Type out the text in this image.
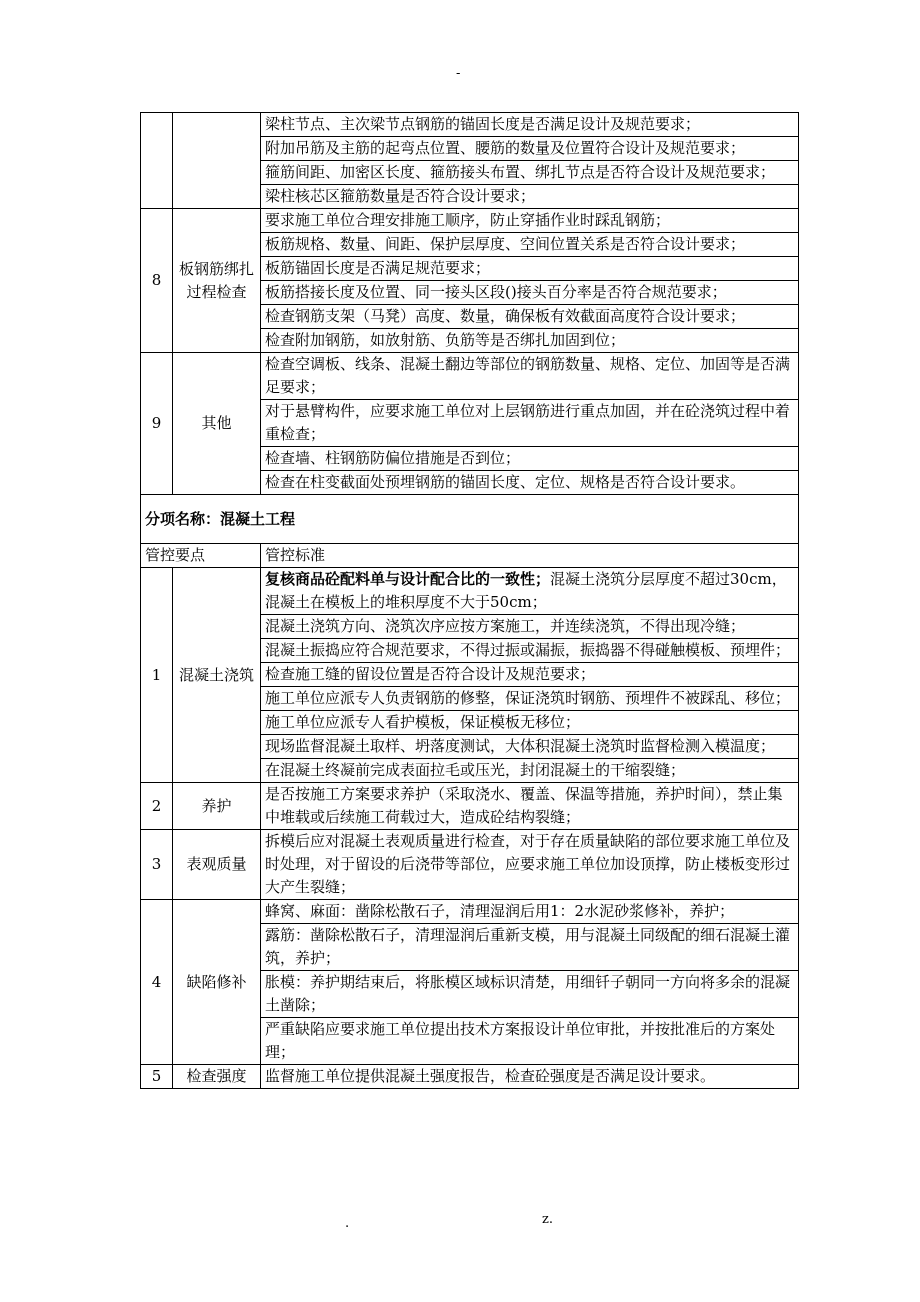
-
		梁柱节点、主次梁节点钢筋的锚固长度是否满足设计及规范要求；
		附加吊筋及主筋的起弯点位置、腰筋的数量及位置符合设计及规范要求；
		箍筋间距、加密区长度、箍筋接头布置、绑扎节点是否符合设计及规范要求；
		梁柱核芯区箍筋数量是否符合设计要求；
8	板钢筋绑扎过程检查	要求施工单位合理安排施工顺序，防止穿插作业时踩乱钢筋；
		板筋规格、数量、间距、保护层厚度、空间位置关系是否符合设计要求；
		板筋锚固长度是否满足规范要求；
		板筋搭接长度及位置、同一接头区段()接头百分率是否符合规范要求；
		检查钢筋支架（马凳）高度、数量，确保板有效截面高度符合设计要求；
		检查附加钢筋，如放射筋、负筋等是否绑扎加固到位；
9	其他	检查空调板、线条、混凝土翻边等部位的钢筋数量、规格、定位、加固等是否满足要求；
		对于悬臂构件，应要求施工单位对上层钢筋进行重点加固，并在砼浇筑过程中着重检查；
		检查墙、柱钢筋防偏位措施是否到位；
		检查在柱变截面处预埋钢筋的锚固长度、定位、规格是否符合设计要求。
分项名称：混凝土工程		
管控要点		管控标准
1	混凝土浇筑	复核商品砼配料单与设计配合比的一致性；混凝土浇筑分层厚度不超过30cm，混凝土在模板上的堆积厚度不大于50cm；
		混凝土浇筑方向、浇筑次序应按方案施工，并连续浇筑，不得出现冷缝；
		混凝土振捣应符合规范要求，不得过振或漏振，振捣器不得碰触模板、预埋件；
		检查施工缝的留设位置是否符合设计及规范要求；
		施工单位应派专人负责钢筋的修整，保证浇筑时钢筋、预埋件不被踩乱、移位；
		施工单位应派专人看护模板，保证模板无移位；
		现场监督混凝土取样、坍落度测试，大体积混凝土浇筑时监督检测入模温度；
		在混凝土终凝前完成表面拉毛或压光，封闭混凝土的干缩裂缝；
2	养护	是否按施工方案要求养护（采取浇水、覆盖、保温等措施，养护时间），禁止集中堆载或后续施工荷载过大，造成砼结构裂缝；
3	表观质量	拆模后应对混凝土表观质量进行检查，对于存在质量缺陷的部位要求施工单位及时处理，对于留设的后浇带等部位，应要求施工单位加设顶撑，防止楼板变形过大产生裂缝；
4	缺陷修补	蜂窝、麻面：凿除松散石子，清理湿润后用1：2水泥砂浆修补，养护；
		露筋：凿除松散石子，清理湿润后重新支模，用与混凝土同级配的细石混凝土灌筑，养护；
		胀模：养护期结束后，将胀模区域标识清楚，用细钎子朝同一方向将多余的混凝土凿除；
		严重缺陷应要求施工单位提出技术方案报设计单位审批，并按批准后的方案处理；
5	检查强度	监督施工单位提供混凝土强度报告，检查砼强度是否满足设计要求。
.	z.
